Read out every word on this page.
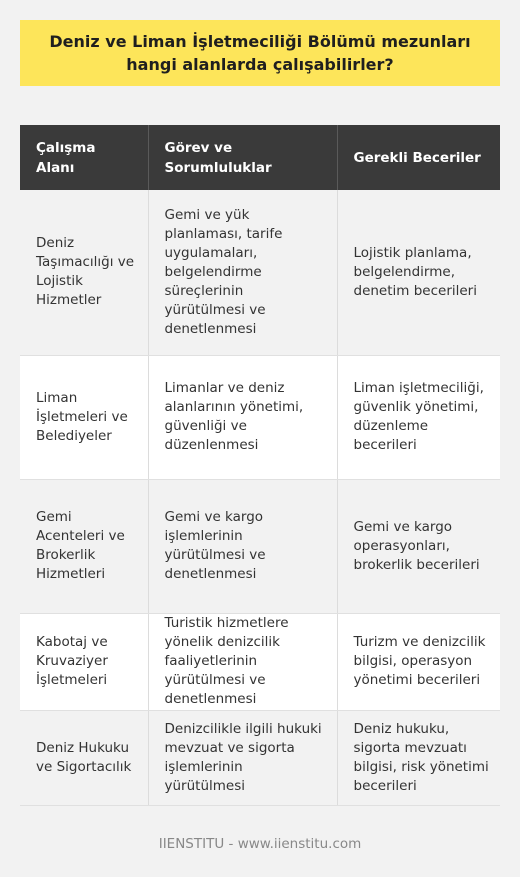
Deniz ve Liman İşletmeciliği Bölümü mezunları hangi alanlarda çalışabilirler?
Çalışma Alanı	Görev ve Sorumluluklar	Gerekli Beceriler
Deniz Taşımacılığı ve Lojistik Hizmetler	Gemi ve yük planlaması, tarife uygulamaları, belgelendirme süreçlerinin yürütülmesi ve denetlenmesi	Lojistik planlama, belgelendirme, denetim becerileri
Liman İşletmeleri ve Belediyeler	Limanlar ve deniz alanlarının yönetimi, güvenliği ve düzenlenmesi	Liman işletmeciliği, güvenlik yönetimi, düzenleme becerileri
Gemi Acenteleri ve Brokerlik Hizmetleri	Gemi ve kargo işlemlerinin yürütülmesi ve denetlenmesi	Gemi ve kargo operasyonları, brokerlik becerileri
Kabotaj ve Kruvaziyer İşletmeleri	Turistik hizmetlere yönelik denizcilik faaliyetlerinin yürütülmesi ve denetlenmesi	Turizm ve denizcilik bilgisi, operasyon yönetimi becerileri
Deniz Hukuku ve Sigortacılık	Denizcilikle ilgili hukuki mevzuat ve sigorta işlemlerinin yürütülmesi	Deniz hukuku, sigorta mevzuatı bilgisi, risk yönetimi becerileri
IIENSTITU - www.iienstitu.com
